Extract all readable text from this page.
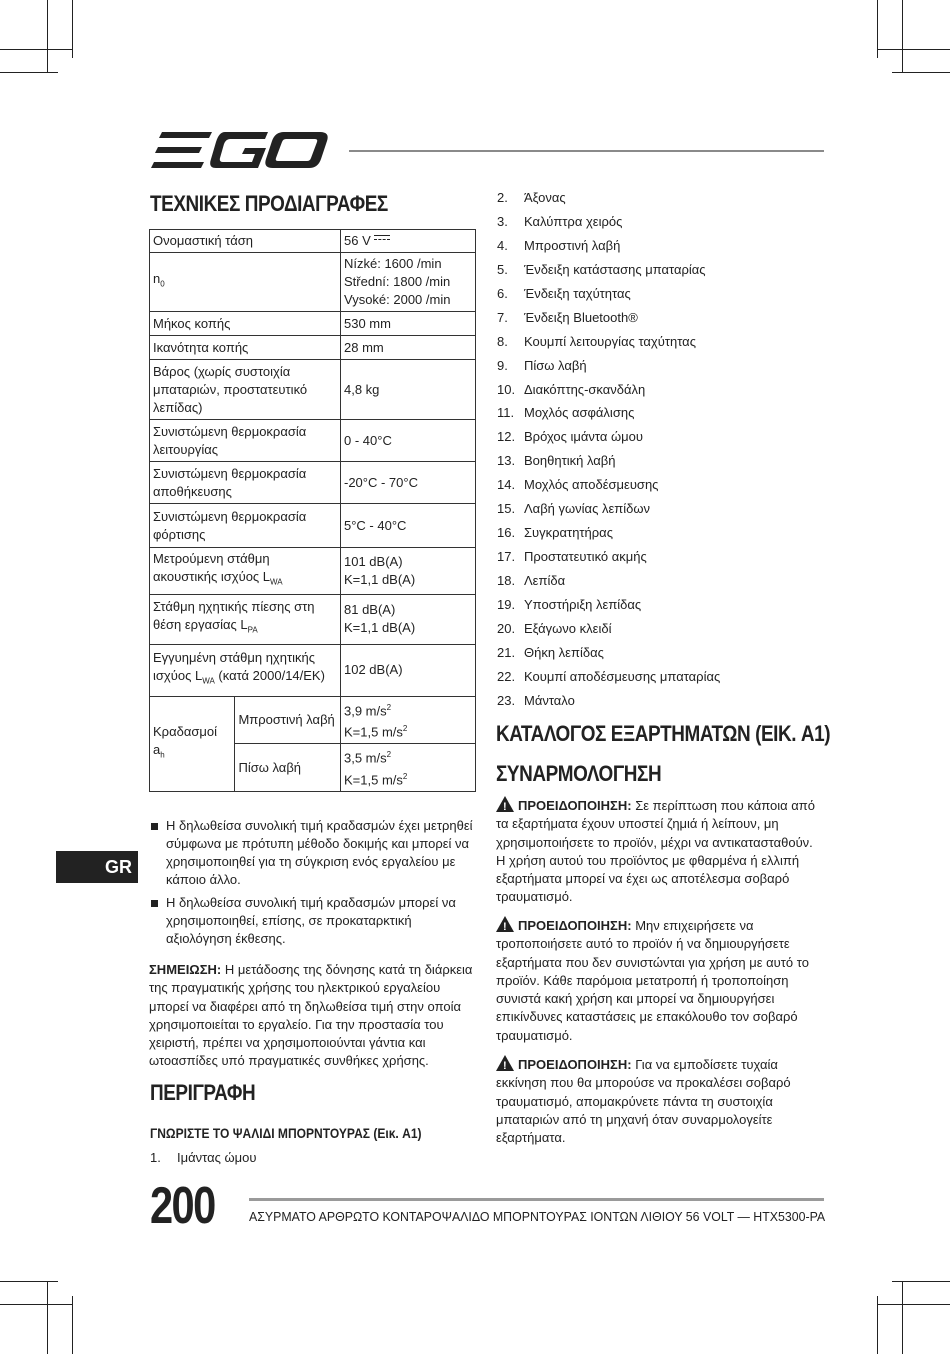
ΤΕΧΝΙΚΕΣ ΠΡΟΔΙΑΓΡΑΦΕΣ
Ονομαστική τάση		56 V

$n_0$		Nízké: 1600 /min
Střední: 1800 /min
Vysoké: 2000 /min

Μήκος κοπής		530 mm
Ικανότητα κοπής		28 mm
Βάρος (χωρίς συστοιχία μπαταριών, προστατευτικό λεπίδας)		4,8 kg
Συνιστώμενη θερμοκρασία λειτουργίας		0 - 40°C
Συνιστώμενη θερμοκρασία αποθήκευσης		-20°C - 70°C
Συνιστώμενη θερμοκρασία φόρτισης		5°C - 40°C
Μετρούμενη στάθμη ακουστικής ισχύος $L_{WA}$		101 dB(A)
K=1,1 dB(A)

Στάθμη ηχητικής πίεσης στη θέση εργασίας $L_{PA}$		81 dB(A)
K=1,1 dB(A)

Εγγυημένη στάθμη ηχητικής ισχύος $L_{WA}$ (κατά 2000/14/ΕΚ)		102 dB(A)
Κραδασμοί $a_h$	Μπροστινή λαβή	3,9 $m/s^2$
K=1,5 $m/s^2$

	Πίσω λαβή	3,5 $m/s^2$
K=1,5 $m/s^2$
Η δηλωθείσα συνολική τιμή κραδασμών έχει μετρηθεί σύμφωνα με πρότυπη μέθοδο δοκιμής και μπορεί να χρησιμοποιηθεί για τη σύγκριση ενός εργαλείου με κάποιο άλλο.
Η δηλωθείσα συνολική τιμή κραδασμών μπορεί να χρησιμοποιηθεί, επίσης, σε προκαταρκτική αξιολόγηση έκθεσης.
ΣΗΜΕΙΩΣΗ: Η μετάδοσης της δόνησης κατά τη διάρκεια της πραγματικής χρήσης του ηλεκτρικού εργαλείου μπορεί να διαφέρει από τη δηλωθείσα τιμή στην οποία χρησιμοποιείται το εργαλείο. Για την προστασία του χειριστή, πρέπει να χρησιμοποιούνται γάντια και ωτοασπίδες υπό πραγματικές συνθήκες χρήσης.
ΠΕΡΙΓΡΑΦΗ
ΓΝΩΡΙΣΤΕ ΤΟ ΨΑΛΙΔΙ ΜΠΟΡΝΤΟΥΡΑΣ (Εικ. A1)
1.	Ιμάντας ώμου
GR
2.	Άξονας
3.	Καλύπτρα χειρός
4.	Μπροστινή λαβή
5.	Ένδειξη κατάστασης μπαταρίας
6.	Ένδειξη ταχύτητας
7.	Ένδειξη Bluetooth®
8.	Κουμπί λειτουργίας ταχύτητας
9.	Πίσω λαβή
10. Διακόπτης-σκανδάλη
11. Μοχλός ασφάλισης
12. Βρόχος ιμάντα ώμου
13. Βοηθητική λαβή
14. Μοχλός αποδέσμευσης
15. Λαβή γωνίας λεπίδων
16. Συγκρατητήρας
17. Προστατευτικό ακμής
18. Λεπίδα
19. Υποστήριξη λεπίδας
20. Εξάγωνο κλειδί
21. Θήκη λεπίδας
22. Κουμπί αποδέσμευσης μπαταρίας
23. Μάνταλο
ΚΑΤΑΛΟΓΟΣ ΕΞΑΡΤΗΜΑΤΩΝ (ΕΙΚ. A1)
ΣΥΝΑΡΜΟΛΟΓΗΣΗ
!ΠΡΟΕΙΔΟΠΟΙΗΣΗ: Σε περίπτωση που κάποια από τα εξαρτήματα έχουν υποστεί ζημιά ή λείπουν, μη χρησιμοποιήσετε το προϊόν, μέχρι να αντικατασταθούν. Η χρήση αυτού του προϊόντος με φθαρμένα ή ελλιπή εξαρτήματα μπορεί να έχει ως αποτέλεσμα σοβαρό τραυματισμό.
!ΠΡΟΕΙΔΟΠΟΙΗΣΗ: Μην επιχειρήσετε να τροποποιήσετε αυτό το προϊόν ή να δημιουργήσετε εξαρτήματα που δεν συνιστώνται για χρήση με αυτό το προϊόν. Κάθε παρόμοια μετατροπή ή τροποποίηση συνιστά κακή χρήση και μπορεί να δημιουργήσει επικίνδυνες καταστάσεις με επακόλουθο τον σοβαρό τραυματισμό.
!ΠΡΟΕΙΔΟΠΟΙΗΣΗ: Για να εμποδίσετε τυχαία εκκίνηση που θα μπορούσε να προκαλέσει σοβαρό τραυματισμό, απομακρύνετε πάντα τη συστοιχία μπαταριών από τη μηχανή όταν συναρμολογείτε εξαρτήματα.
200	ΑΣΥΡΜΑΤΟ ΑΡΘΡΩΤΟ ΚΟΝΤΑΡΟΨΑΛΙΔΟ ΜΠΟΡΝΤΟΥΡΑΣ ΙΟΝΤΩΝ ΛΙΘΙΟΥ 56 VOLT — HTX5300-PA
